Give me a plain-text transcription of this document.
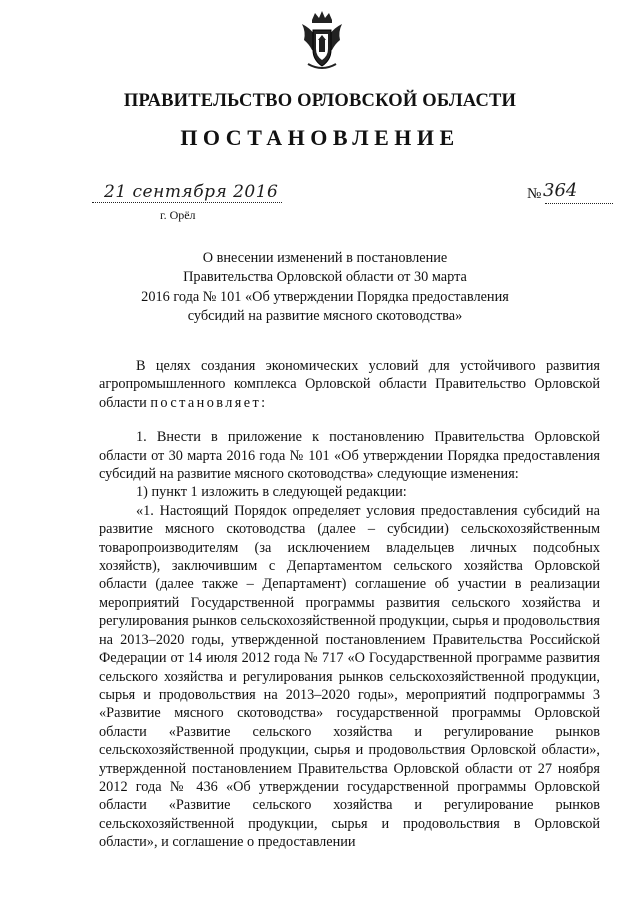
ПРАВИТЕЛЬСТВО ОРЛОВСКОЙ ОБЛАСТИ
ПОСТАНОВЛЕНИЕ
21 сентября 2016
г. Орёл
№ 364
О внесении изменений в постановление
Правительства Орловской области от 30 марта
2016 года № 101 «Об утверждении Порядка предоставления
субсидий на развитие мясного скотоводства»

В целях создания экономических условий для устойчивого развития агропромышленного комплекса Орловской области Правительство Орловской области постановляет:

1. Внести в приложение к постановлению Правительства Орловской области от 30 марта 2016 года № 101 «Об утверждении Порядка предоставления субсидий на развитие мясного скотоводства» следующие изменения:

1) пункт 1 изложить в следующей редакции:

«1. Настоящий Порядок определяет условия предоставления субсидий на развитие мясного скотоводства (далее – субсидии) сельскохозяйственным товаропроизводителям (за исключением владельцев личных подсобных хозяйств), заключившим с Департаментом сельского хозяйства Орловской области (далее также – Департамент) соглашение об участии в реализации мероприятий Государственной программы развития сельского хозяйства и регулирования рынков сельскохозяйственной продукции, сырья и продовольствия на 2013–2020 годы, утвержденной постановлением Правительства Российской Федерации от 14 июля 2012 года № 717 «О Государственной программе развития сельского хозяйства и регулирования рынков сельскохозяйственной продукции, сырья и продовольствия на 2013–2020 годы», мероприятий подпрограммы 3 «Развитие мясного скотоводства» государственной программы Орловской области «Развитие сельского хозяйства и регулирование рынков сельскохозяйственной продукции, сырья и продовольствия Орловской области», утвержденной постановлением Правительства Орловской области от 27 ноября 2012 года № 436 «Об утверждении государственной программы Орловской области «Развитие сельского хозяйства и регулирование рынков сельскохозяйственной продукции, сырья и продовольствия в Орловской области», и соглашение о предоставлении
